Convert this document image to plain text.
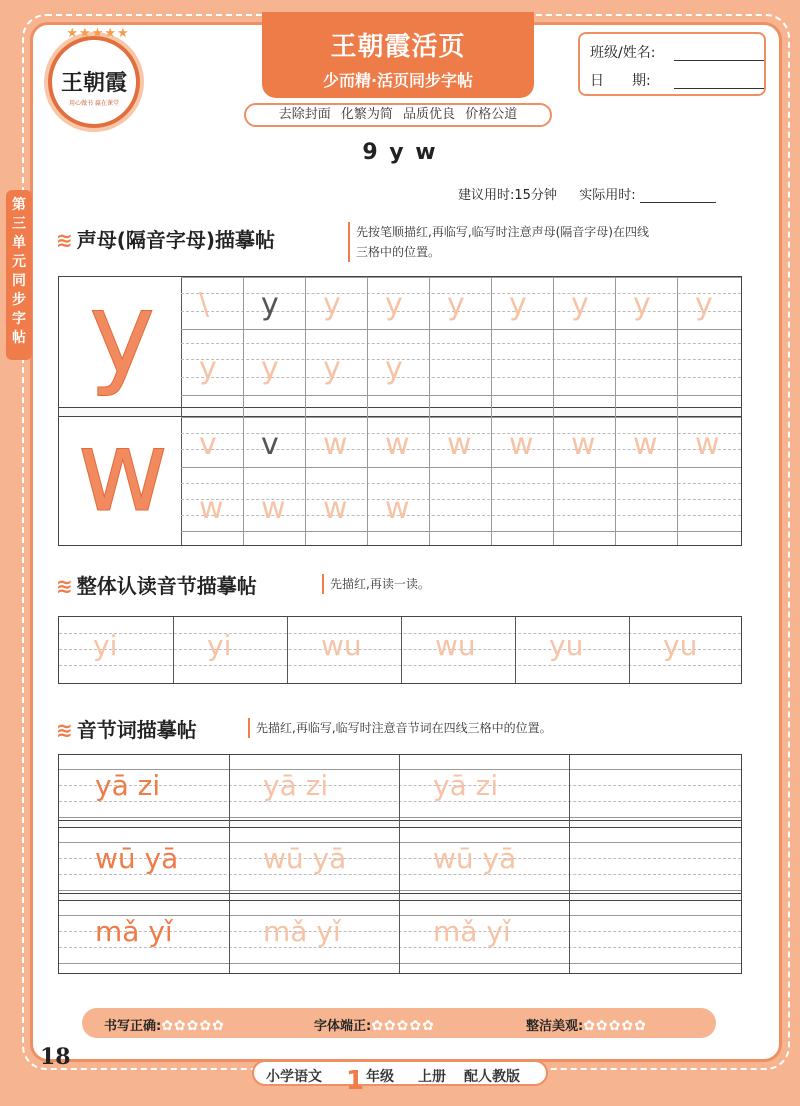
★★★★★
王朝霞
用心做书 赢在课堂
王朝霞活页
少而精·活页同步字帖
去除封面 化繁为简 品质优良 价格公道
班级/姓名:
日　　期:
第
三
单
元
同
步
字
帖
9 y w
建议用时:15分钟 实际用时:
≋ 声母(隔音字母)描摹帖	先按笔顺描红,再临写,临写时注意声母(隔音字母)在四线
三格中的位置。
y
w
\ y y y y y y y y
y y y y
v v w w w w w w w
w w w w
≋ 整体认读音节描摹帖	先描红,再读一读。
yi	yi	wu	wu	yu	yu
≋ 音节词描摹帖	先描红,再临写,临写时注意音节词在四线三格中的位置。
yā zi	yā zi	yā zi
wū yā	wū yā	wū yā
mǎ yǐ	mǎ yǐ	mǎ yǐ
书写正确:✿✿✿✿✿	字体端正:✿✿✿✿✿	整洁美观:✿✿✿✿✿
18
小学语文 1 年级 上册 配人教版
